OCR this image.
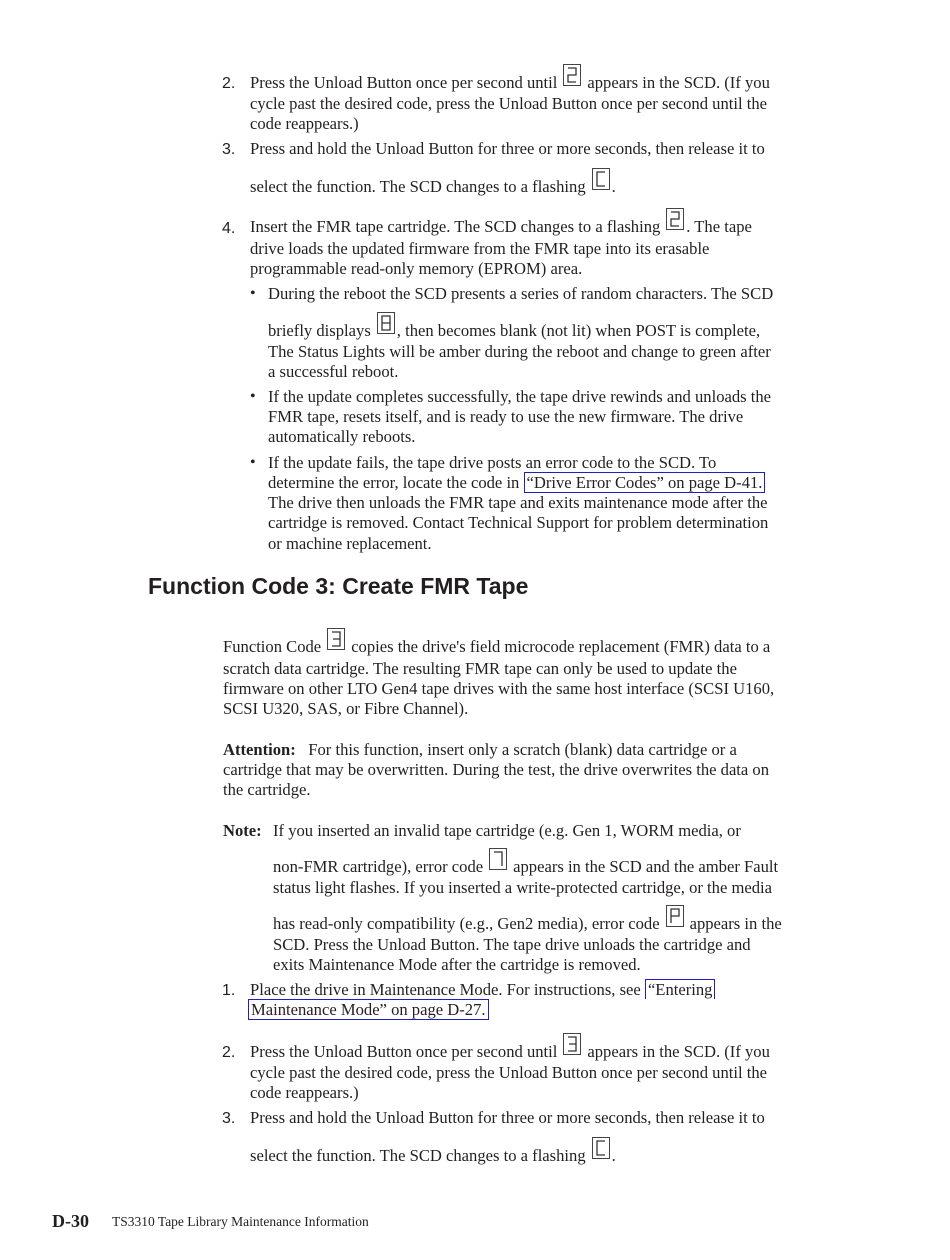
2. Press the Unload Button once per second until appears in the SCD. (If you

cycle past the desired code, press the Unload Button once per second until the

code reappears.)

3. Press and hold the Unload Button for three or more seconds, then release it to

select the function. The SCD changes to a flashing .

4. Insert the FMR tape cartridge. The SCD changes to a flashing . The tape

drive loads the updated firmware from the FMR tape into its erasable

programmable read-only memory (EPROM) area.

• During the reboot the SCD presents a series of random characters. The SCD

briefly displays , then becomes blank (not lit) when POST is complete,

The Status Lights will be amber during the reboot and change to green after

a successful reboot.

• If the update completes successfully, the tape drive rewinds and unloads the

FMR tape, resets itself, and is ready to use the new firmware. The drive

automatically reboots.

• If the update fails, the tape drive posts an error code to the SCD. To

determine the error, locate the code in “Drive Error Codes” on page D-41.

The drive then unloads the FMR tape and exits maintenance mode after the

cartridge is removed. Contact Technical Support for problem determination

or machine replacement.

Function Code 3: Create FMR Tape

Function Code copies the drive's field microcode replacement (FMR) data to a

scratch data cartridge. The resulting FMR tape can only be used to update the

firmware on other LTO Gen4 tape drives with the same host interface (SCSI U160,

SCSI U320, SAS, or Fibre Channel).

Attention: For this function, insert only a scratch (blank) data cartridge or a

cartridge that may be overwritten. During the test, the drive overwrites the data on

the cartridge.

Note: If you inserted an invalid tape cartridge (e.g. Gen 1, WORM media, or

non-FMR cartridge), error code appears in the SCD and the amber Fault

status light flashes. If you inserted a write-protected cartridge, or the media

has read-only compatibility (e.g., Gen2 media), error code appears in the

SCD. Press the Unload Button. The tape drive unloads the cartridge and

exits Maintenance Mode after the cartridge is removed.

1. Place the drive in Maintenance Mode. For instructions, see “Entering

Maintenance Mode” on page D-27.

2. Press the Unload Button once per second until appears in the SCD. (If you

cycle past the desired code, press the Unload Button once per second until the

code reappears.)

3. Press and hold the Unload Button for three or more seconds, then release it to

select the function. The SCD changes to a flashing .

D-30 TS3310 Tape Library Maintenance Information
